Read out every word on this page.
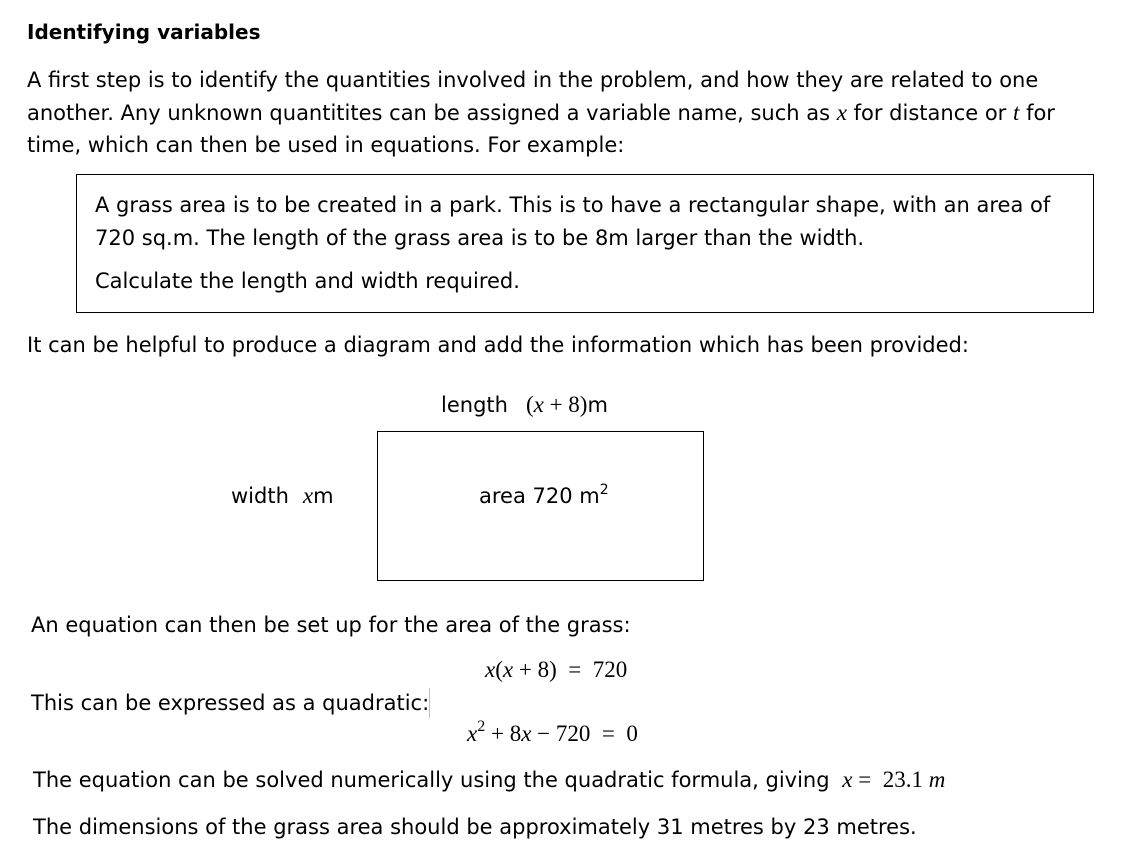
Identifying variables
A first step is to identify the quantities involved in the problem, and how they are related to one another. Any unknown quantitites can be assigned a variable name, such as x for distance or t for time, which can then be used in equations. For example:
A grass area is to be created in a park. This is to have a rectangular shape, with an area of 720 sq.m. The length of the grass area is to be 8m larger than the width.
Calculate the length and width required.
It can be helpful to produce a diagram and add the information which has been provided:
length (x + 8)m
width xm	area 720 $m^2$
An equation can then be set up for the area of the grass:
x(x + 8)  =  720
This can be expressed as a quadratic:
$x^2 + 8x - 720 = 0$
The equation can be solved numerically using the quadratic formula, giving x =  23.1 m
The dimensions of the grass area should be approximately 31 metres by 23 metres.
